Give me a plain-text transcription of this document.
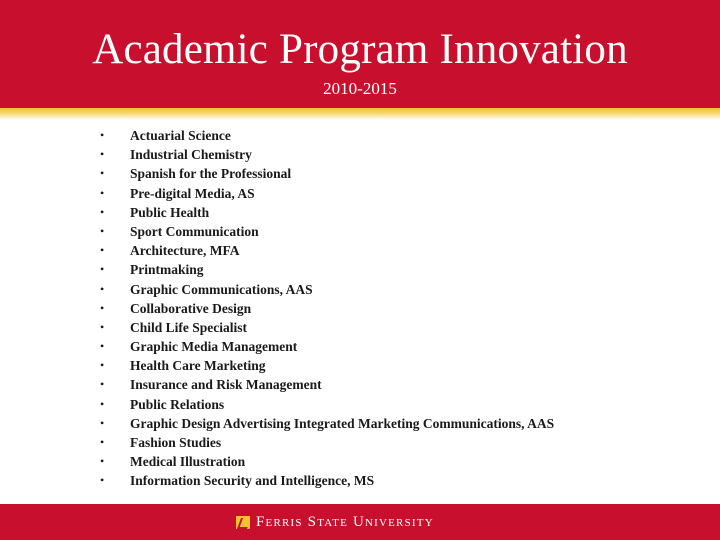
Academic Program Innovation
2010-2015
• Actuarial Science
• Industrial Chemistry
• Spanish for the Professional
• Pre-digital Media, AS
• Public Health
• Sport Communication
• Architecture, MFA
• Printmaking
• Graphic Communications, AAS
• Collaborative Design
• Child Life Specialist
• Graphic Media Management
• Health Care Marketing
• Insurance and Risk Management
• Public Relations
• Graphic Design Advertising Integrated Marketing Communications, AAS
• Fashion Studies
• Medical Illustration
• Information Security and Intelligence, MS
Ferris State University
